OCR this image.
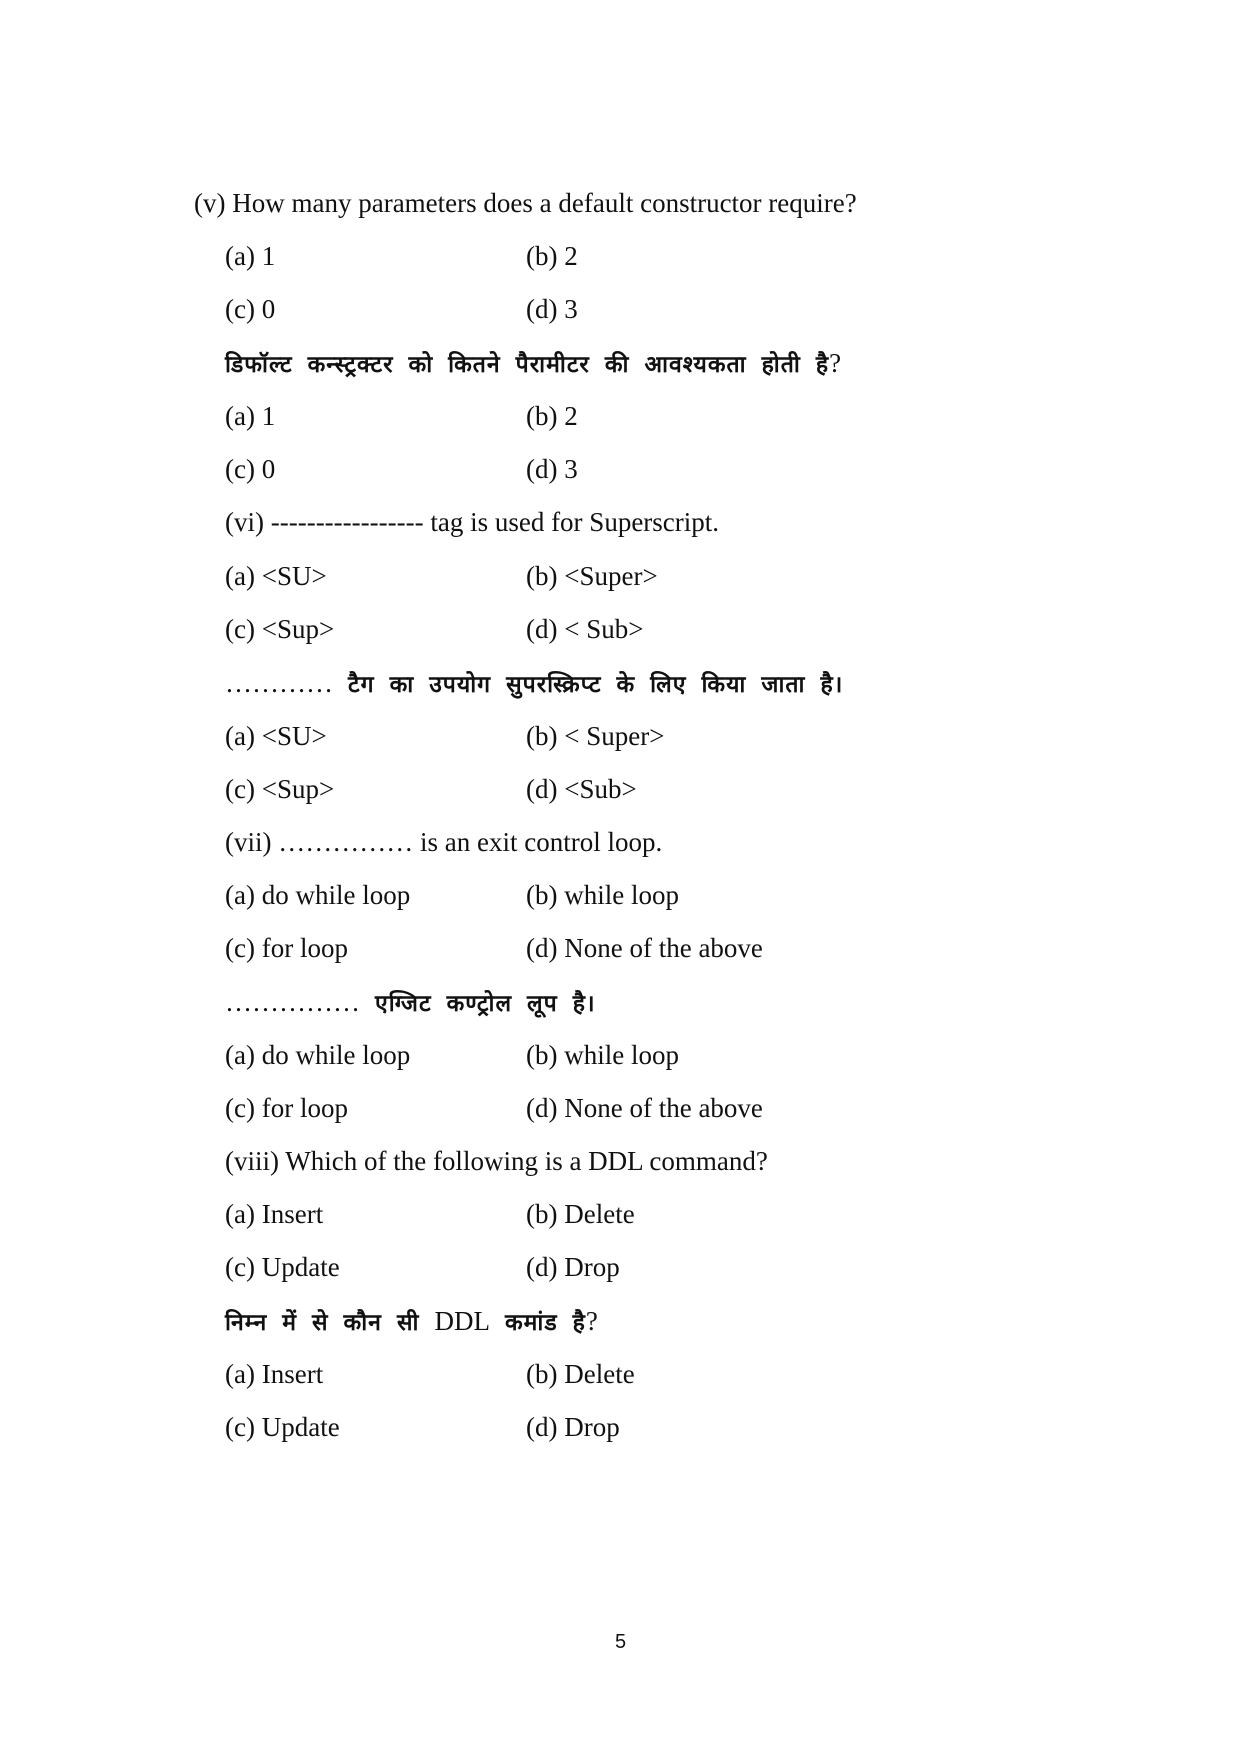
(v) How many parameters does a default constructor require?
(a) 1	(b) 2
(c) 0	(d) 3
डिफॉल्ट कन्स्ट्रक्टर को कितने पैरामीटर की आवश्यकता होती है?
(a) 1	(b) 2
(c) 0	(d) 3
(vi) ----------------- tag is used for Superscript.
(a) <SU>	(b) <Super>
(c) <Sup>	(d) < Sub>
………… टैग का उपयोग सुपरस्क्रिप्ट के लिए किया जाता है।
(a) <SU>	(b) < Super>
(c) <Sup>	(d) <Sub>
(vii) …………… is an exit control loop.
(a) do while loop	(b) while loop
(c) for loop	(d) None of the above
…………… एग्जिट कण्ट्रोल लूप है।
(a) do while loop	(b) while loop
(c) for loop	(d) None of the above
(viii) Which of the following is a DDL command?
(a) Insert	(b) Delete
(c) Update	(d) Drop
निम्न में से कौन सी DDL कमांड है?
(a) Insert	(b) Delete
(c) Update	(d) Drop
5
